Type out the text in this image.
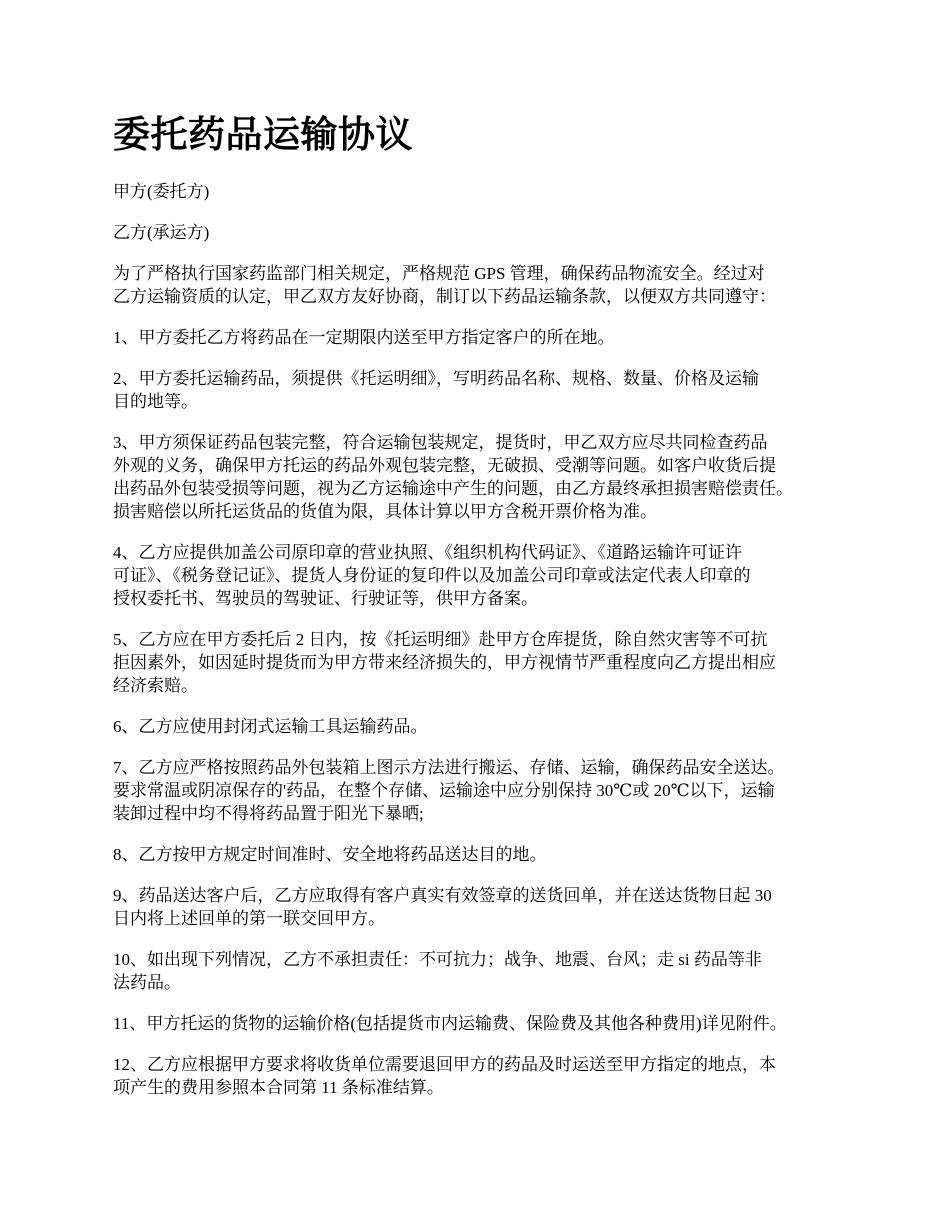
委托药品运输协议

甲方(委托方)

乙方(承运方)

为了严格执行国家药监部门相关规定，严格规范 GPS 管理，确保药品物流安全。经过对
乙方运输资质的认定，甲乙双方友好协商，制订以下药品运输条款，以便双方共同遵守：

1、甲方委托乙方将药品在一定期限内送至甲方指定客户的所在地。

2、甲方委托运输药品，须提供《托运明细》，写明药品名称、规格、数量、价格及运输
目的地等。

3、甲方须保证药品包装完整，符合运输包装规定，提货时，甲乙双方应尽共同检查药品
外观的义务，确保甲方托运的药品外观包装完整，无破损、受潮等问题。如客户收货后提
出药品外包装受损等问题，视为乙方运输途中产生的问题，由乙方最终承担损害赔偿责任。
损害赔偿以所托运货品的货值为限，具体计算以甲方含税开票价格为准。

4、乙方应提供加盖公司原印章的营业执照、《组织机构代码证》、《道路运输许可证许
可证》、《税务登记证》、提货人身份证的复印件以及加盖公司印章或法定代表人印章的
授权委托书、驾驶员的驾驶证、行驶证等，供甲方备案。

5、乙方应在甲方委托后 2 日内，按《托运明细》赴甲方仓库提货，除自然灾害等不可抗
拒因素外，如因延时提货而为甲方带来经济损失的，甲方视情节严重程度向乙方提出相应
经济索赔。

6、乙方应使用封闭式运输工具运输药品。

7、乙方应严格按照药品外包装箱上图示方法进行搬运、存储、运输，确保药品安全送达。
要求常温或阴凉保存的'药品，在整个存储、运输途中应分别保持 30℃或 20℃以下，运输
装卸过程中均不得将药品置于阳光下暴晒;

8、乙方按甲方规定时间准时、安全地将药品送达目的地。

9、药品送达客户后，乙方应取得有客户真实有效签章的送货回单，并在送达货物日起 30
日内将上述回单的第一联交回甲方。

10、如出现下列情况，乙方不承担责任：不可抗力；战争、地震、台风；走 si 药品等非
法药品。

11、甲方托运的货物的运输价格(包括提货市内运输费、保险费及其他各种费用)详见附件。

12、乙方应根据甲方要求将收货单位需要退回甲方的药品及时运送至甲方指定的地点，本
项产生的费用参照本合同第 11 条标准结算。
